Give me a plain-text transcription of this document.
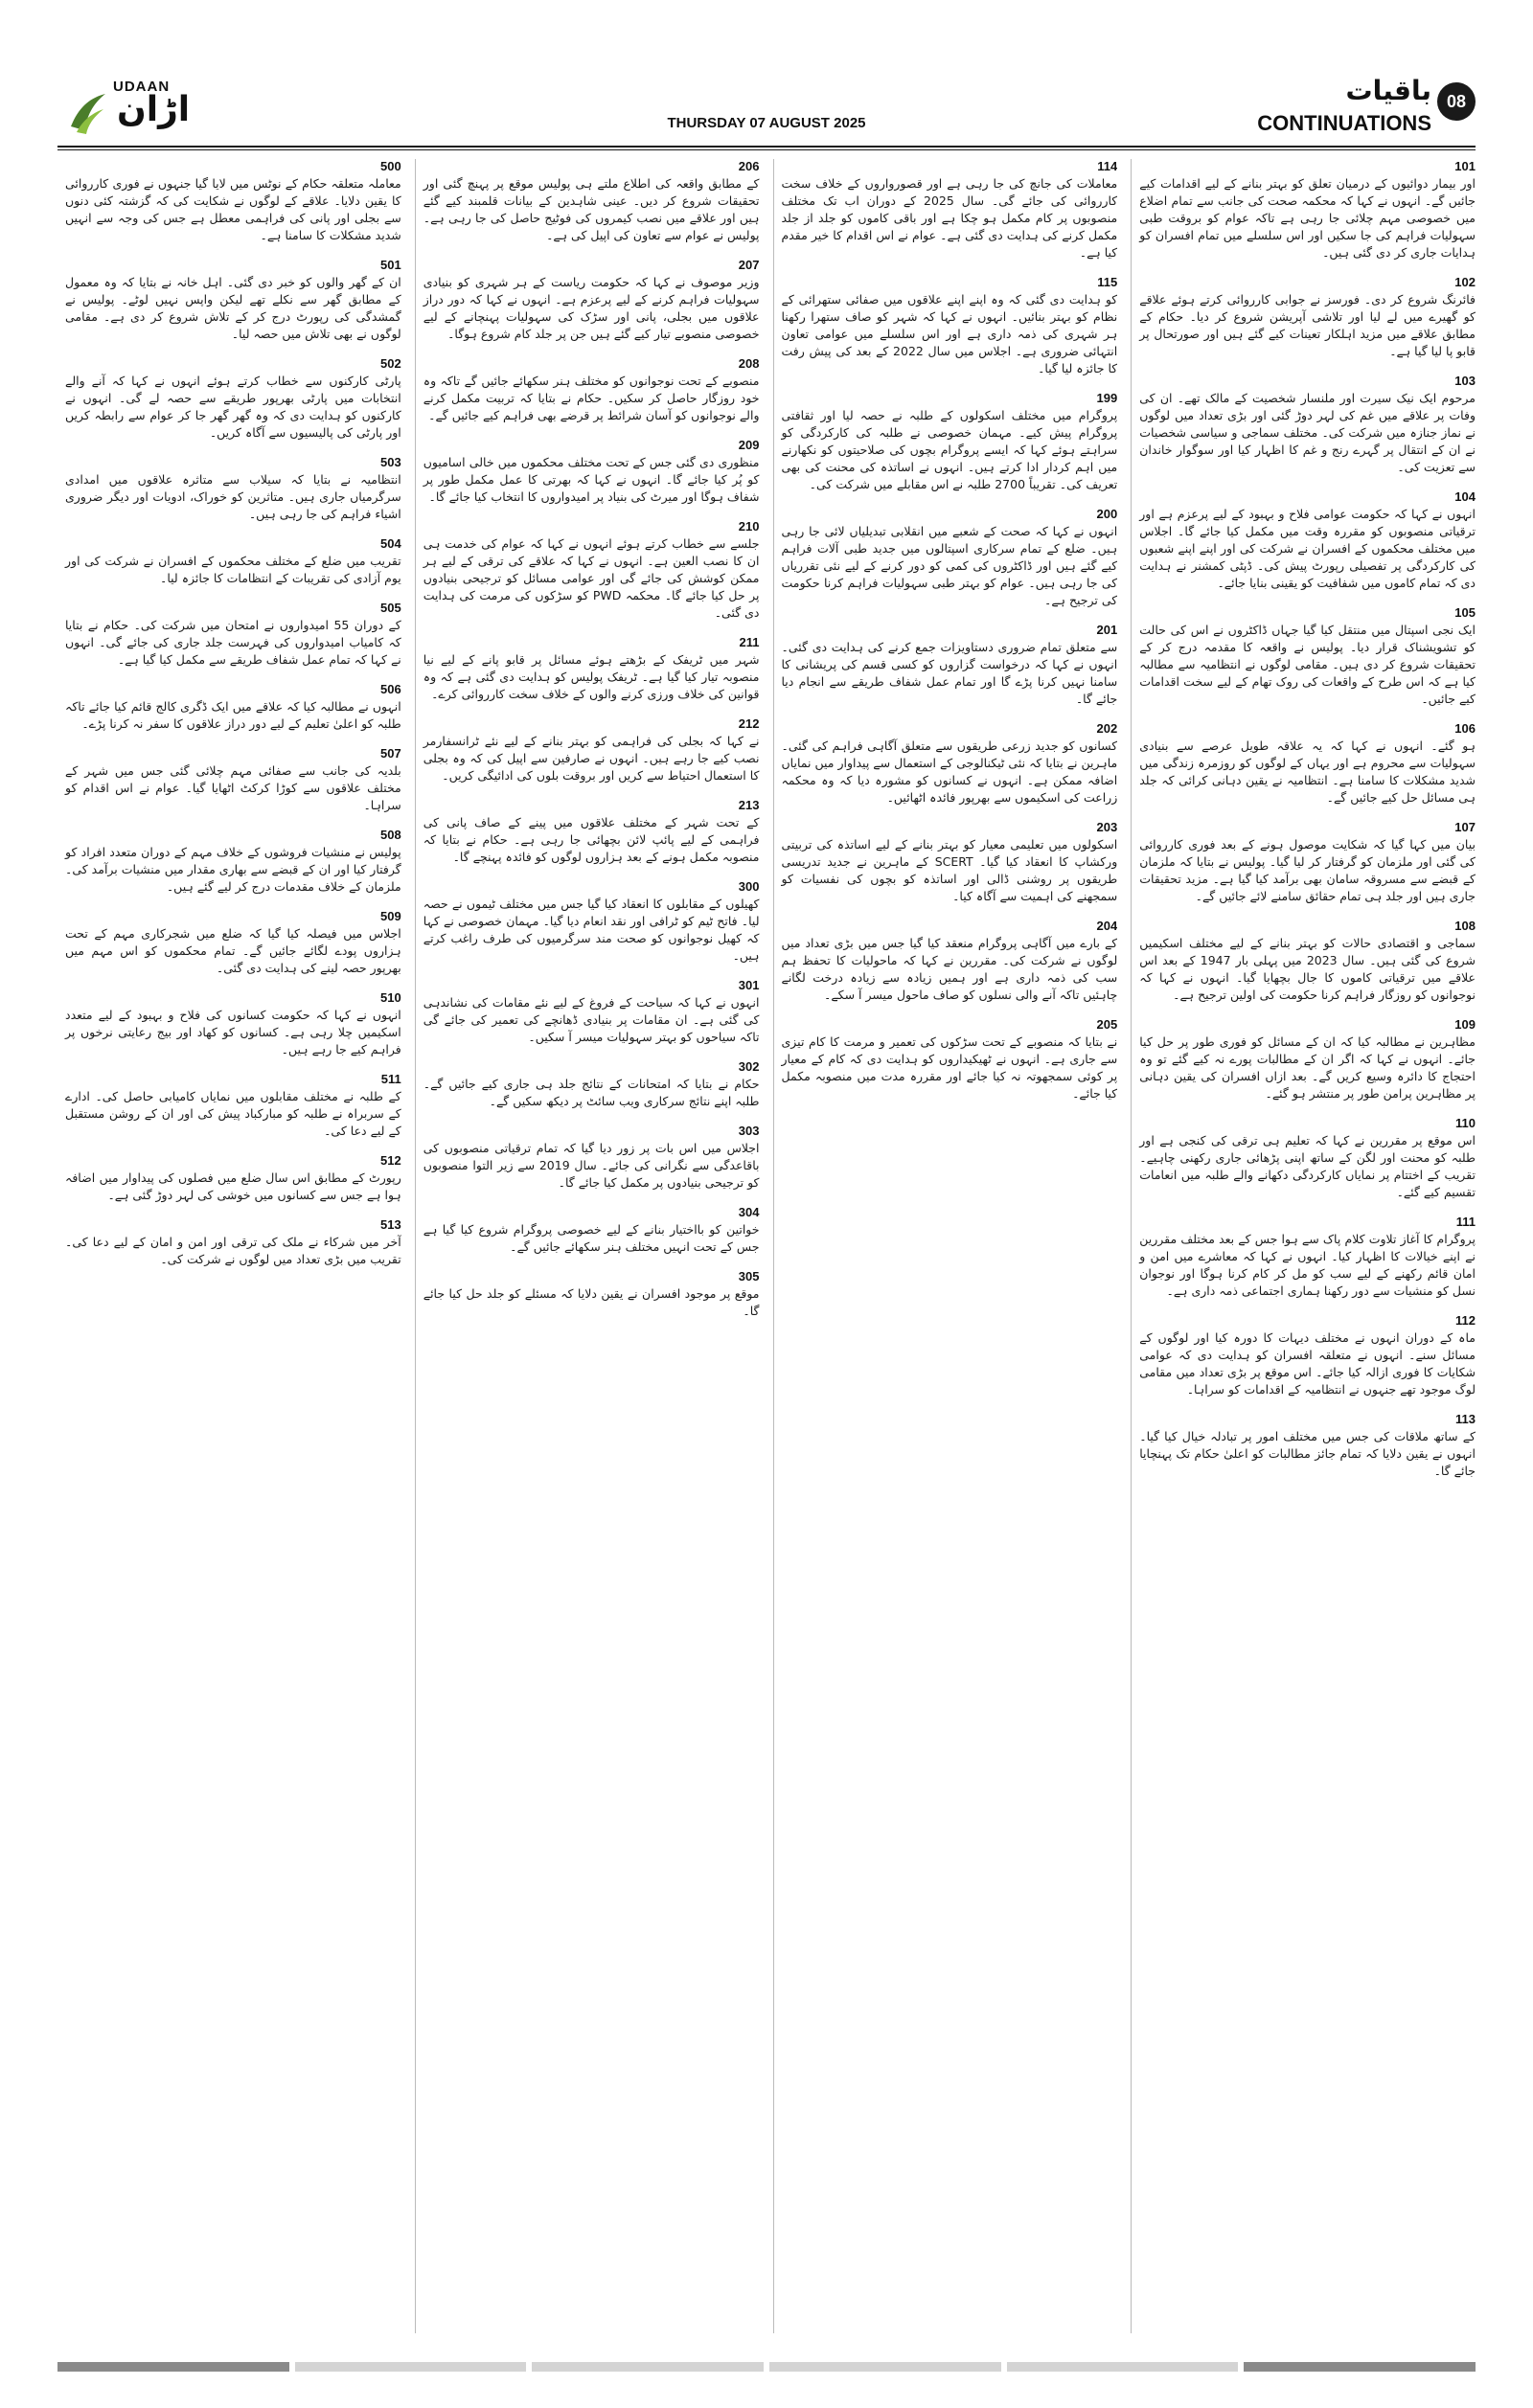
UDAAN
اڑان	THURSDAY 07 AUGUST 2025
باقیات
CONTINUATIONS
08
101
اور بیمار دوائیوں کے درمیان تعلق کو بہتر بنانے کے لیے اقدامات کیے جائیں گے۔ انہوں نے کہا کہ محکمہ صحت کی جانب سے تمام اضلاع میں خصوصی مہم چلائی جا رہی ہے تاکہ عوام کو بروقت طبی سہولیات فراہم کی جا سکیں اور اس سلسلے میں تمام افسران کو ہدایات جاری کر دی گئی ہیں۔
102
فائرنگ شروع کر دی۔ فورسز نے جوابی کارروائی کرتے ہوئے علاقے کو گھیرے میں لے لیا اور تلاشی آپریشن شروع کر دیا۔ حکام کے مطابق علاقے میں مزید اہلکار تعینات کیے گئے ہیں اور صورتحال پر قابو پا لیا گیا ہے۔
103
مرحوم ایک نیک سیرت اور ملنسار شخصیت کے مالک تھے۔ ان کی وفات پر علاقے میں غم کی لہر دوڑ گئی اور بڑی تعداد میں لوگوں نے نماز جنازہ میں شرکت کی۔ مختلف سماجی و سیاسی شخصیات نے ان کے انتقال پر گہرے رنج و غم کا اظہار کیا اور سوگوار خاندان سے تعزیت کی۔
104
انہوں نے کہا کہ حکومت عوامی فلاح و بہبود کے لیے پرعزم ہے اور ترقیاتی منصوبوں کو مقررہ وقت میں مکمل کیا جائے گا۔ اجلاس میں مختلف محکموں کے افسران نے شرکت کی اور اپنے اپنے شعبوں کی کارکردگی پر تفصیلی رپورٹ پیش کی۔ ڈپٹی کمشنر نے ہدایت دی کہ تمام کاموں میں شفافیت کو یقینی بنایا جائے۔
105
ایک نجی اسپتال میں منتقل کیا گیا جہاں ڈاکٹروں نے اس کی حالت کو تشویشناک قرار دیا۔ پولیس نے واقعہ کا مقدمہ درج کر کے تحقیقات شروع کر دی ہیں۔ مقامی لوگوں نے انتظامیہ سے مطالبہ کیا ہے کہ اس طرح کے واقعات کی روک تھام کے لیے سخت اقدامات کیے جائیں۔
106
ہو گئے۔ انہوں نے کہا کہ یہ علاقہ طویل عرصے سے بنیادی سہولیات سے محروم ہے اور یہاں کے لوگوں کو روزمرہ زندگی میں شدید مشکلات کا سامنا ہے۔ انتظامیہ نے یقین دہانی کرائی کہ جلد ہی مسائل حل کیے جائیں گے۔
107
بیان میں کہا گیا کہ شکایت موصول ہونے کے بعد فوری کارروائی کی گئی اور ملزمان کو گرفتار کر لیا گیا۔ پولیس نے بتایا کہ ملزمان کے قبضے سے مسروقہ سامان بھی برآمد کیا گیا ہے۔ مزید تحقیقات جاری ہیں اور جلد ہی تمام حقائق سامنے لائے جائیں گے۔
108
سماجی و اقتصادی حالات کو بہتر بنانے کے لیے مختلف اسکیمیں شروع کی گئی ہیں۔ سال 2023 میں پہلی بار 1947 کے بعد اس علاقے میں ترقیاتی کاموں کا جال بچھایا گیا۔ انہوں نے کہا کہ نوجوانوں کو روزگار فراہم کرنا حکومت کی اولین ترجیح ہے۔
109
مظاہرین نے مطالبہ کیا کہ ان کے مسائل کو فوری طور پر حل کیا جائے۔ انہوں نے کہا کہ اگر ان کے مطالبات پورے نہ کیے گئے تو وہ احتجاج کا دائرہ وسیع کریں گے۔ بعد ازاں افسران کی یقین دہانی پر مظاہرین پرامن طور پر منتشر ہو گئے۔
110
اس موقع پر مقررین نے کہا کہ تعلیم ہی ترقی کی کنجی ہے اور طلبہ کو محنت اور لگن کے ساتھ اپنی پڑھائی جاری رکھنی چاہیے۔ تقریب کے اختتام پر نمایاں کارکردگی دکھانے والے طلبہ میں انعامات تقسیم کیے گئے۔
111
پروگرام کا آغاز تلاوت کلام پاک سے ہوا جس کے بعد مختلف مقررین نے اپنے خیالات کا اظہار کیا۔ انہوں نے کہا کہ معاشرے میں امن و امان قائم رکھنے کے لیے سب کو مل کر کام کرنا ہوگا اور نوجوان نسل کو منشیات سے دور رکھنا ہماری اجتماعی ذمہ داری ہے۔
112
ماہ کے دوران انہوں نے مختلف دیہات کا دورہ کیا اور لوگوں کے مسائل سنے۔ انہوں نے متعلقہ افسران کو ہدایت دی کہ عوامی شکایات کا فوری ازالہ کیا جائے۔ اس موقع پر بڑی تعداد میں مقامی لوگ موجود تھے جنہوں نے انتظامیہ کے اقدامات کو سراہا۔
113
کے ساتھ ملاقات کی جس میں مختلف امور پر تبادلہ خیال کیا گیا۔ انہوں نے یقین دلایا کہ تمام جائز مطالبات کو اعلیٰ حکام تک پہنچایا جائے گا۔
114
معاملات کی جانچ کی جا رہی ہے اور قصورواروں کے خلاف سخت کارروائی کی جائے گی۔ سال 2025 کے دوران اب تک مختلف منصوبوں پر کام مکمل ہو چکا ہے اور باقی کاموں کو جلد از جلد مکمل کرنے کی ہدایت دی گئی ہے۔ عوام نے اس اقدام کا خیر مقدم کیا ہے۔
115
کو ہدایت دی گئی کہ وہ اپنے اپنے علاقوں میں صفائی ستھرائی کے نظام کو بہتر بنائیں۔ انہوں نے کہا کہ شہر کو صاف ستھرا رکھنا ہر شہری کی ذمہ داری ہے اور اس سلسلے میں عوامی تعاون انتہائی ضروری ہے۔ اجلاس میں سال 2022 کے بعد کی پیش رفت کا جائزہ لیا گیا۔
199
پروگرام میں مختلف اسکولوں کے طلبہ نے حصہ لیا اور ثقافتی پروگرام پیش کیے۔ مہمان خصوصی نے طلبہ کی کارکردگی کو سراہتے ہوئے کہا کہ ایسے پروگرام بچوں کی صلاحیتوں کو نکھارنے میں اہم کردار ادا کرتے ہیں۔ انہوں نے اساتذہ کی محنت کی بھی تعریف کی۔ تقریباً 2700 طلبہ نے اس مقابلے میں شرکت کی۔
200
انہوں نے کہا کہ صحت کے شعبے میں انقلابی تبدیلیاں لائی جا رہی ہیں۔ ضلع کے تمام سرکاری اسپتالوں میں جدید طبی آلات فراہم کیے گئے ہیں اور ڈاکٹروں کی کمی کو دور کرنے کے لیے نئی تقرریاں کی جا رہی ہیں۔ عوام کو بہتر طبی سہولیات فراہم کرنا حکومت کی ترجیح ہے۔
201
سے متعلق تمام ضروری دستاویزات جمع کرنے کی ہدایت دی گئی۔ انہوں نے کہا کہ درخواست گزاروں کو کسی قسم کی پریشانی کا سامنا نہیں کرنا پڑے گا اور تمام عمل شفاف طریقے سے انجام دیا جائے گا۔
202
کسانوں کو جدید زرعی طریقوں سے متعلق آگاہی فراہم کی گئی۔ ماہرین نے بتایا کہ نئی ٹیکنالوجی کے استعمال سے پیداوار میں نمایاں اضافہ ممکن ہے۔ انہوں نے کسانوں کو مشورہ دیا کہ وہ محکمہ زراعت کی اسکیموں سے بھرپور فائدہ اٹھائیں۔
203
اسکولوں میں تعلیمی معیار کو بہتر بنانے کے لیے اساتذہ کی تربیتی ورکشاپ کا انعقاد کیا گیا۔ SCERT کے ماہرین نے جدید تدریسی طریقوں پر روشنی ڈالی اور اساتذہ کو بچوں کی نفسیات کو سمجھنے کی اہمیت سے آگاہ کیا۔
204
کے بارے میں آگاہی پروگرام منعقد کیا گیا جس میں بڑی تعداد میں لوگوں نے شرکت کی۔ مقررین نے کہا کہ ماحولیات کا تحفظ ہم سب کی ذمہ داری ہے اور ہمیں زیادہ سے زیادہ درخت لگانے چاہئیں تاکہ آنے والی نسلوں کو صاف ماحول میسر آ سکے۔
205
نے بتایا کہ منصوبے کے تحت سڑکوں کی تعمیر و مرمت کا کام تیزی سے جاری ہے۔ انہوں نے ٹھیکیداروں کو ہدایت دی کہ کام کے معیار پر کوئی سمجھوتہ نہ کیا جائے اور مقررہ مدت میں منصوبہ مکمل کیا جائے۔
206
کے مطابق واقعہ کی اطلاع ملتے ہی پولیس موقع پر پہنچ گئی اور تحقیقات شروع کر دیں۔ عینی شاہدین کے بیانات قلمبند کیے گئے ہیں اور علاقے میں نصب کیمروں کی فوٹیج حاصل کی جا رہی ہے۔ پولیس نے عوام سے تعاون کی اپیل کی ہے۔
207
وزیر موصوف نے کہا کہ حکومت ریاست کے ہر شہری کو بنیادی سہولیات فراہم کرنے کے لیے پرعزم ہے۔ انہوں نے کہا کہ دور دراز علاقوں میں بجلی، پانی اور سڑک کی سہولیات پہنچانے کے لیے خصوصی منصوبے تیار کیے گئے ہیں جن پر جلد کام شروع ہوگا۔
208
منصوبے کے تحت نوجوانوں کو مختلف ہنر سکھائے جائیں گے تاکہ وہ خود روزگار حاصل کر سکیں۔ حکام نے بتایا کہ تربیت مکمل کرنے والے نوجوانوں کو آسان شرائط پر قرضے بھی فراہم کیے جائیں گے۔
209
منظوری دی گئی جس کے تحت مختلف محکموں میں خالی اسامیوں کو پُر کیا جائے گا۔ انہوں نے کہا کہ بھرتی کا عمل مکمل طور پر شفاف ہوگا اور میرٹ کی بنیاد پر امیدواروں کا انتخاب کیا جائے گا۔
210
جلسے سے خطاب کرتے ہوئے انہوں نے کہا کہ عوام کی خدمت ہی ان کا نصب العین ہے۔ انہوں نے کہا کہ علاقے کی ترقی کے لیے ہر ممکن کوشش کی جائے گی اور عوامی مسائل کو ترجیحی بنیادوں پر حل کیا جائے گا۔ محکمہ PWD کو سڑکوں کی مرمت کی ہدایت دی گئی۔
211
شہر میں ٹریفک کے بڑھتے ہوئے مسائل پر قابو پانے کے لیے نیا منصوبہ تیار کیا گیا ہے۔ ٹریفک پولیس کو ہدایت دی گئی ہے کہ وہ قوانین کی خلاف ورزی کرنے والوں کے خلاف سخت کارروائی کرے۔
212
نے کہا کہ بجلی کی فراہمی کو بہتر بنانے کے لیے نئے ٹرانسفارمر نصب کیے جا رہے ہیں۔ انہوں نے صارفین سے اپیل کی کہ وہ بجلی کا استعمال احتیاط سے کریں اور بروقت بلوں کی ادائیگی کریں۔
213
کے تحت شہر کے مختلف علاقوں میں پینے کے صاف پانی کی فراہمی کے لیے پائپ لائن بچھائی جا رہی ہے۔ حکام نے بتایا کہ منصوبہ مکمل ہونے کے بعد ہزاروں لوگوں کو فائدہ پہنچے گا۔
300
کھیلوں کے مقابلوں کا انعقاد کیا گیا جس میں مختلف ٹیموں نے حصہ لیا۔ فاتح ٹیم کو ٹرافی اور نقد انعام دیا گیا۔ مہمان خصوصی نے کہا کہ کھیل نوجوانوں کو صحت مند سرگرمیوں کی طرف راغب کرتے ہیں۔
301
انہوں نے کہا کہ سیاحت کے فروغ کے لیے نئے مقامات کی نشاندہی کی گئی ہے۔ ان مقامات پر بنیادی ڈھانچے کی تعمیر کی جائے گی تاکہ سیاحوں کو بہتر سہولیات میسر آ سکیں۔
302
حکام نے بتایا کہ امتحانات کے نتائج جلد ہی جاری کیے جائیں گے۔ طلبہ اپنے نتائج سرکاری ویب سائٹ پر دیکھ سکیں گے۔
303
اجلاس میں اس بات پر زور دیا گیا کہ تمام ترقیاتی منصوبوں کی باقاعدگی سے نگرانی کی جائے۔ سال 2019 سے زیر التوا منصوبوں کو ترجیحی بنیادوں پر مکمل کیا جائے گا۔
304
خواتین کو بااختیار بنانے کے لیے خصوصی پروگرام شروع کیا گیا ہے جس کے تحت انہیں مختلف ہنر سکھائے جائیں گے۔
305
موقع پر موجود افسران نے یقین دلایا کہ مسئلے کو جلد حل کیا جائے گا۔
500
معاملہ متعلقہ حکام کے نوٹس میں لایا گیا جنہوں نے فوری کارروائی کا یقین دلایا۔ علاقے کے لوگوں نے شکایت کی کہ گزشتہ کئی دنوں سے بجلی اور پانی کی فراہمی معطل ہے جس کی وجہ سے انہیں شدید مشکلات کا سامنا ہے۔
501
ان کے گھر والوں کو خبر دی گئی۔ اہل خانہ نے بتایا کہ وہ معمول کے مطابق گھر سے نکلے تھے لیکن واپس نہیں لوٹے۔ پولیس نے گمشدگی کی رپورٹ درج کر کے تلاش شروع کر دی ہے۔ مقامی لوگوں نے بھی تلاش میں حصہ لیا۔
502
پارٹی کارکنوں سے خطاب کرتے ہوئے انہوں نے کہا کہ آنے والے انتخابات میں پارٹی بھرپور طریقے سے حصہ لے گی۔ انہوں نے کارکنوں کو ہدایت دی کہ وہ گھر گھر جا کر عوام سے رابطہ کریں اور پارٹی کی پالیسیوں سے آگاہ کریں۔
503
انتظامیہ نے بتایا کہ سیلاب سے متاثرہ علاقوں میں امدادی سرگرمیاں جاری ہیں۔ متاثرین کو خوراک، ادویات اور دیگر ضروری اشیاء فراہم کی جا رہی ہیں۔
504
تقریب میں ضلع کے مختلف محکموں کے افسران نے شرکت کی اور یوم آزادی کی تقریبات کے انتظامات کا جائزہ لیا۔
505
کے دوران 55 امیدواروں نے امتحان میں شرکت کی۔ حکام نے بتایا کہ کامیاب امیدواروں کی فہرست جلد جاری کی جائے گی۔ انہوں نے کہا کہ تمام عمل شفاف طریقے سے مکمل کیا گیا ہے۔
506
انہوں نے مطالبہ کیا کہ علاقے میں ایک ڈگری کالج قائم کیا جائے تاکہ طلبہ کو اعلیٰ تعلیم کے لیے دور دراز علاقوں کا سفر نہ کرنا پڑے۔
507
بلدیہ کی جانب سے صفائی مہم چلائی گئی جس میں شہر کے مختلف علاقوں سے کوڑا کرکٹ اٹھایا گیا۔ عوام نے اس اقدام کو سراہا۔
508
پولیس نے منشیات فروشوں کے خلاف مہم کے دوران متعدد افراد کو گرفتار کیا اور ان کے قبضے سے بھاری مقدار میں منشیات برآمد کی۔ ملزمان کے خلاف مقدمات درج کر لیے گئے ہیں۔
509
اجلاس میں فیصلہ کیا گیا کہ ضلع میں شجرکاری مہم کے تحت ہزاروں پودے لگائے جائیں گے۔ تمام محکموں کو اس مہم میں بھرپور حصہ لینے کی ہدایت دی گئی۔
510
انہوں نے کہا کہ حکومت کسانوں کی فلاح و بہبود کے لیے متعدد اسکیمیں چلا رہی ہے۔ کسانوں کو کھاد اور بیج رعایتی نرخوں پر فراہم کیے جا رہے ہیں۔
511
کے طلبہ نے مختلف مقابلوں میں نمایاں کامیابی حاصل کی۔ ادارے کے سربراہ نے طلبہ کو مبارکباد پیش کی اور ان کے روشن مستقبل کے لیے دعا کی۔
512
رپورٹ کے مطابق اس سال ضلع میں فصلوں کی پیداوار میں اضافہ ہوا ہے جس سے کسانوں میں خوشی کی لہر دوڑ گئی ہے۔
513
آخر میں شرکاء نے ملک کی ترقی اور امن و امان کے لیے دعا کی۔ تقریب میں بڑی تعداد میں لوگوں نے شرکت کی۔
